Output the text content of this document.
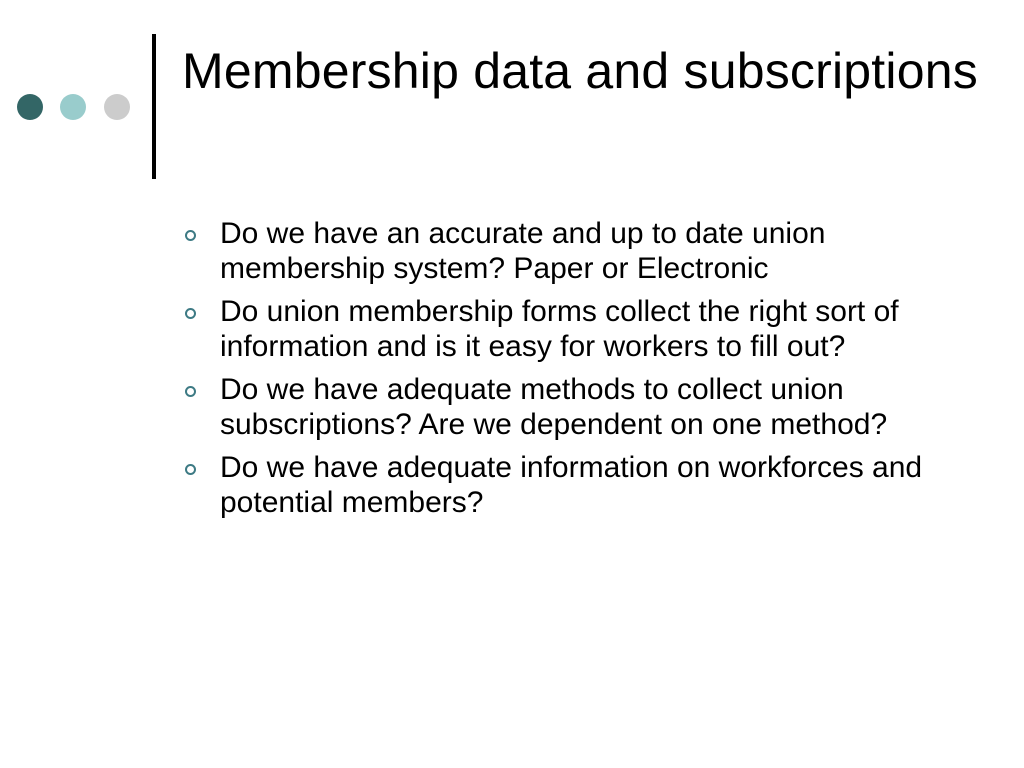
Membership data and subscriptions
Do we have an accurate and up to date union membership system? Paper or Electronic
Do union membership forms collect the right sort of information and is it easy for workers to fill out?
Do we have adequate methods to collect union subscriptions? Are we dependent on one method?
Do we have adequate information on workforces and potential members?
